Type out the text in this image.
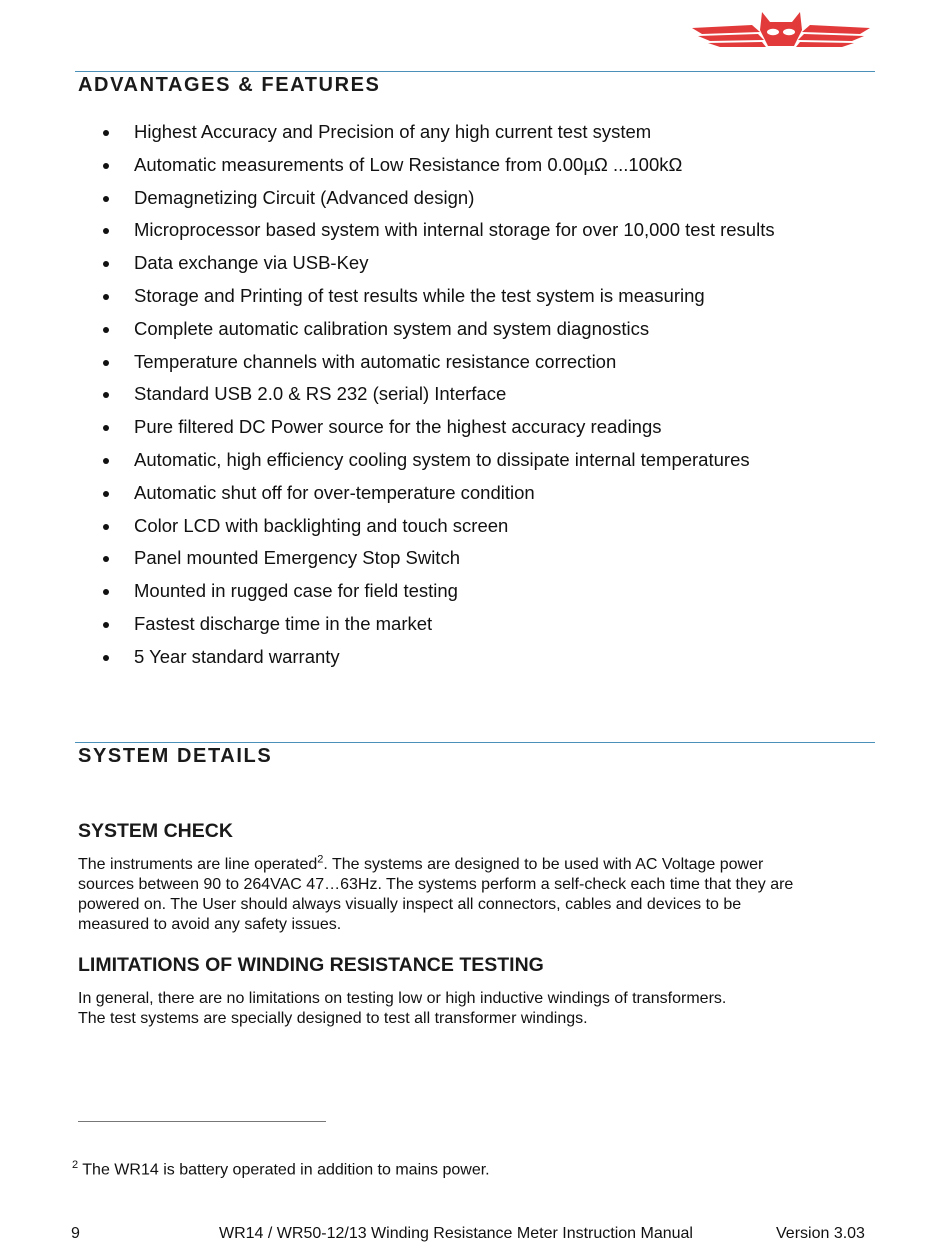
ADVANTAGES & FEATURES
Highest Accuracy and Precision of any high current test system
Automatic measurements of Low Resistance from 0.00µΩ ...100kΩ
Demagnetizing Circuit (Advanced design)
Microprocessor based system with internal storage for over 10,000 test results
Data exchange via USB-Key
Storage and Printing of test results while the test system is measuring
Complete automatic calibration system and system diagnostics
Temperature channels with automatic resistance correction
Standard USB 2.0 & RS 232 (serial) Interface
Pure filtered DC Power source for the highest accuracy readings
Automatic, high efficiency cooling system to dissipate internal temperatures
Automatic shut off for over-temperature condition
Color LCD with backlighting and touch screen
Panel mounted Emergency Stop Switch
Mounted in rugged case for field testing
Fastest discharge time in the market
5 Year standard warranty
SYSTEM DETAILS
SYSTEM CHECK

The instruments are line operated$^2$. The systems are designed to be used with AC Voltage power
sources between 90 to 264VAC 47…63Hz. The systems perform a self-check each time that they are
powered on. The User should always visually inspect all connectors, cables and devices to be
measured to avoid any safety issues.

LIMITATIONS OF WINDING RESISTANCE TESTING

In general, there are no limitations on testing low or high inductive windings of transformers.
The test systems are specially designed to test all transformer windings.

$^2$ The WR14 is battery operated in addition to mains power.

9	WR14 / WR50-12/13 Winding Resistance Meter Instruction Manual	Version 3.03
